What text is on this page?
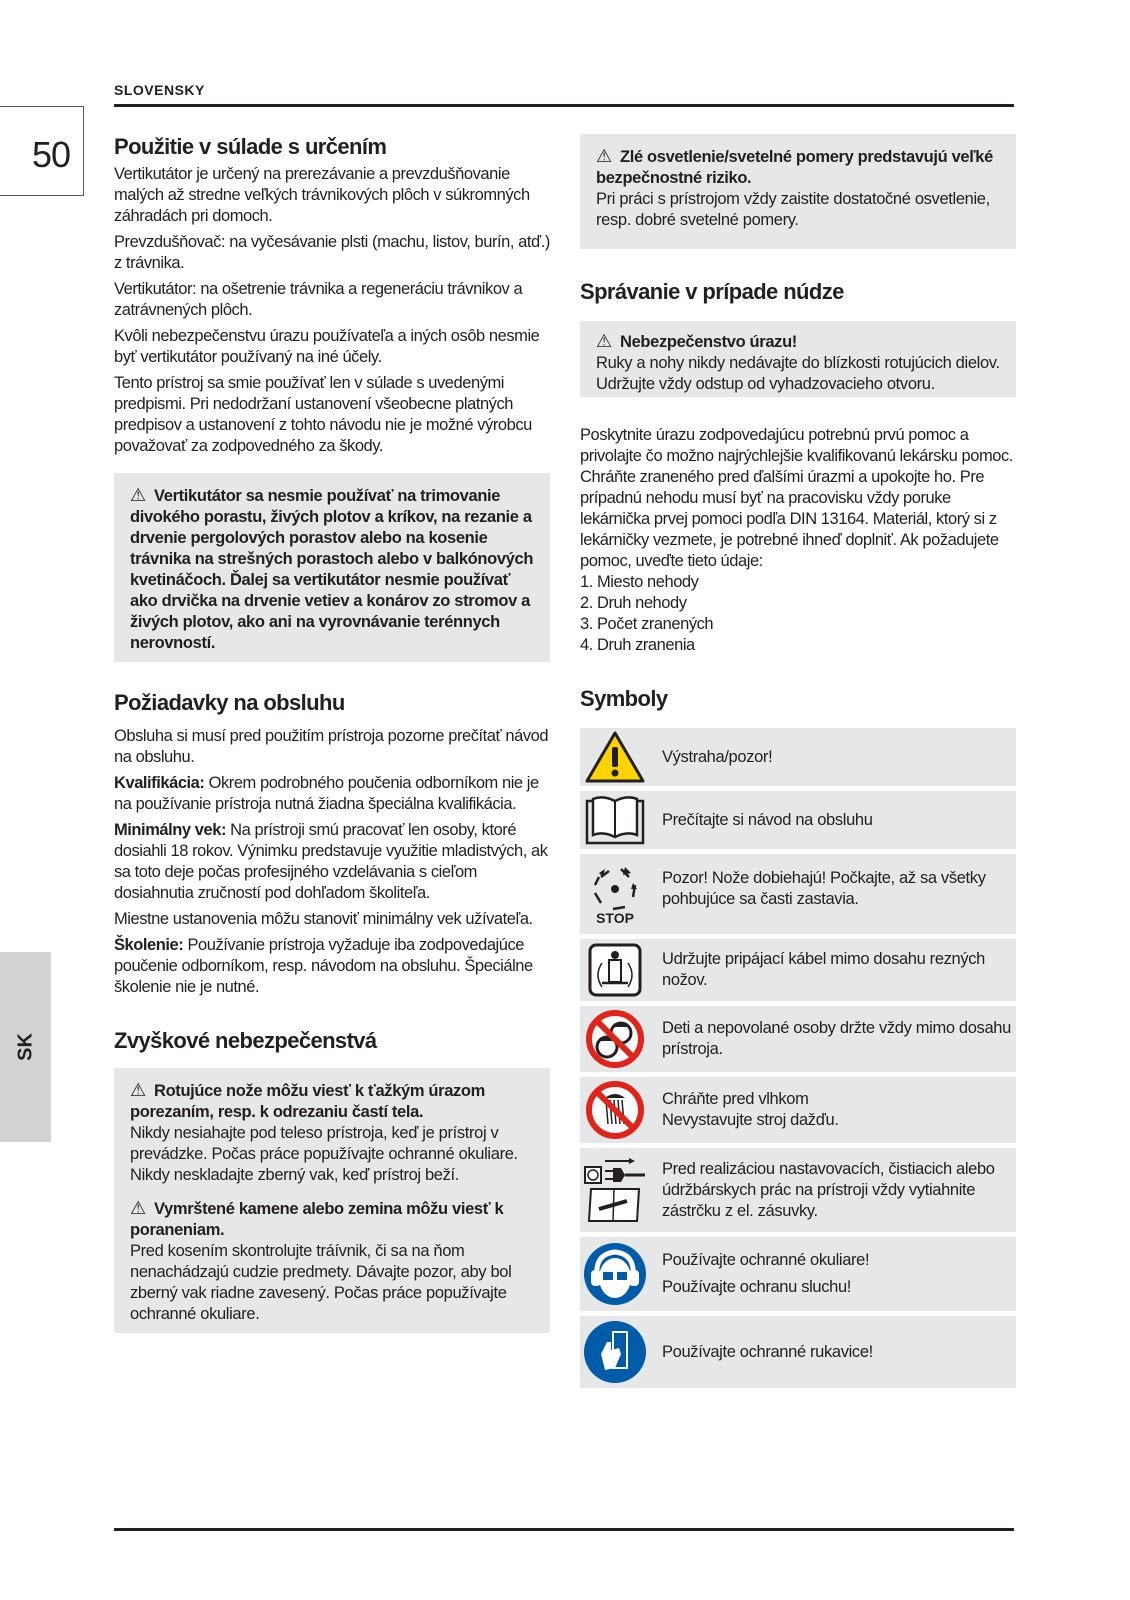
SLOVENSKY
50
SK
Použitie v súlade s určením

Vertikutátor je určený na prerezávanie a prevzdušňovanie malých až stredne veľkých trávnikových plôch v súkromných záhradách pri domoch.

Prevzdušňovač: na vyčesávanie plsti (machu, listov, burín, atď.) z trávnika.

Vertikutátor: na ošetrenie trávnika a regeneráciu trávnikov a zatrávnených plôch.

Kvôli nebezpečenstvu úrazu používateľa a iných osôb nesmie byť vertikutátor používaný na iné účely.

Tento prístroj sa smie používať len v súlade s uvedenými predpismi. Pri nedodržaní ustanovení všeobecne platných predpisov a ustanovení z tohto návodu nie je možné výrobcu považovať za zodpovedného za škody.

⚠ Vertikutátor sa nesmie používať na trimovanie divokého porastu, živých plotov a kríkov, na rezanie a drvenie pergolových porastov alebo na kosenie trávnika na strešných porastoch alebo v balkónových kvetináčoch. Ďalej sa vertikutátor nesmie používať ako drvička na drvenie vetiev a konárov zo stromov a živých plotov, ako ani na vyrovnávanie terénnych nerovností.
Požiadavky na obsluhu

Obsluha si musí pred použitím prístroja pozorne prečítať návod na obsluhu.

Kvalifikácia: Okrem podrobného poučenia odborníkom nie je na používanie prístroja nutná žiadna špeciálna kvalifikácia.

Minimálny vek: Na prístroji smú pracovať len osoby, ktoré dosiahli 18 rokov. Výnimku predstavuje využitie mladistvých, ak sa toto deje počas profesijného vzdelávania s cieľom dosiahnutia zručností pod dohľadom školiteľa.

Miestne ustanovenia môžu stanoviť minimálny vek užívateľa.

Školenie: Používanie prístroja vyžaduje iba zodpovedajúce poučenie odborníkom, resp. návodom na obsluhu. Špeciálne školenie nie je nutné.

Zvyškové nebezpečenstvá
⚠ Rotujúce nože môžu viesť k ťažkým úrazom porezaním, resp. k odrezaniu častí tela.
Nikdy nesiahajte pod teleso prístroja, keď je prístroj v prevádzke. Počas práce popužívajte ochranné okuliare. Nikdy neskladajte zberný vak, keď prístroj beží.
⚠ Vymrštené kamene alebo zemina môžu viesť k poraneniam.
Pred kosením skontrolujte tráívnik, či sa na ňom nenachádzajú cudzie predmety. Dávajte pozor, aby bol zberný vak riadne zavesený. Počas práce popužívajte ochranné okuliare.
⚠ Zlé osvetlenie/svetelné pomery predstavujú veľké bezpečnostné riziko.
Pri práci s prístrojom vždy zaistite dostatočné osvetlenie, resp. dobré svetelné pomery.
Správanie v prípade núdze
⚠ Nebezpečenstvo úrazu!
Ruky a nohy nikdy nedávajte do blízkosti rotujúcich dielov. Udržujte vždy odstup od vyhadzovacieho otvoru.

Poskytnite úrazu zodpovedajúcu potrebnú prvú pomoc a privolajte čo možno najrýchlejšie kvalifikovanú lekársku pomoc. Chráňte zraneného pred ďalšími úrazmi a upokojte ho. Pre prípadnú nehodu musí byť na pracovisku vždy poruke lekárnička prvej pomoci podľa DIN 13164. Materiál, ktorý si z lekárničky vezmete, je potrebné ihneď doplniť. Ak požadujete pomoc, uveďte tieto údaje:

1. Miesto nehody
2. Druh nehody
3. Počet zranených
4. Druh zranenia
Symboly
Výstraha/pozor!
Prečítajte si návod na obsluhu
STOP
Pozor! Nože dobiehajú! Počkajte, až sa všetky pohbujúce sa časti zastavia.
Udržujte pripájací kábel mimo dosahu rezných nožov.
Deti a nepovolané osoby držte vždy mimo dosahu prístroja.
Chráňte pred vlhkom
Nevystavujte stroj dažďu.
Pred realizáciou nastavovacích, čistiacich alebo údržbárskych prác na prístroji vždy vytiahnite zástrčku z el. zásuvky.
Používajte ochranné okuliare!
Používajte ochranu sluchu!
Používajte ochranné rukavice!
